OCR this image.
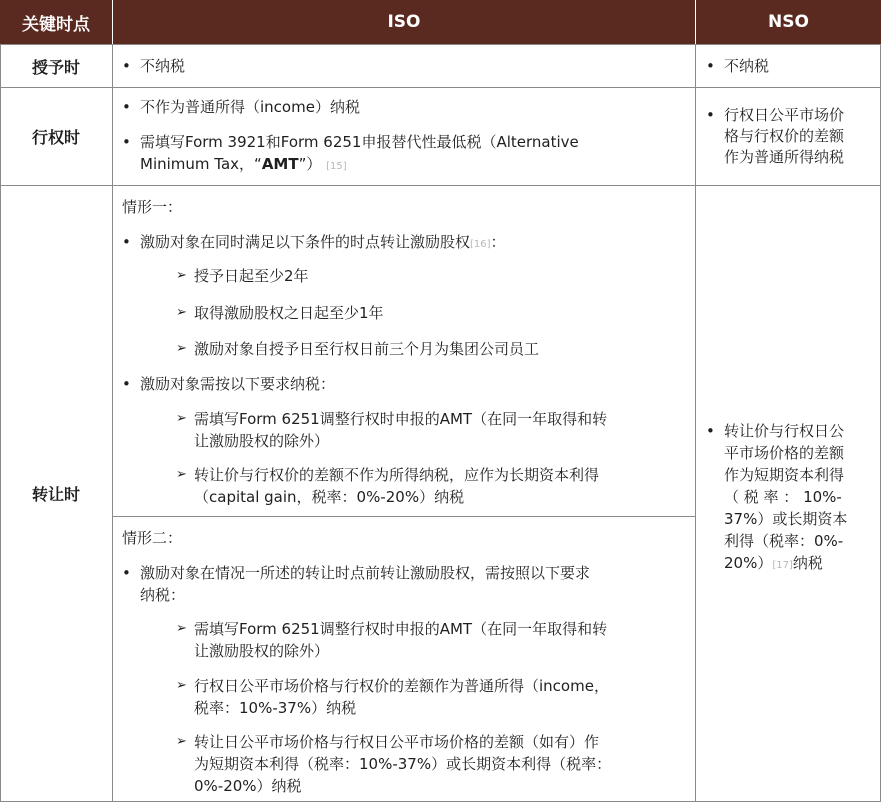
关键时点	ISO	NSO
授予时
行权时
转让时
• 不纳税
•	不纳税
• 不作为普通所得（income）纳税
• 需填写Form 3921和Form 6251申报替代性最低税（Alternative
Minimum Tax，“AMT”） [15]
• 行权日公平市场价
格与行权价的差额
作为普通所得纳税
情形一：
• 激励对象在同时满足以下条件的时点转让激励股权[16]：
➢ 授予日起至少2年
➢ 取得激励股权之日起至少1年
➢ 激励对象自授予日至行权日前三个月为集团公司员工
• 激励对象需按以下要求纳税：
➢ 需填写Form 6251调整行权时申报的AMT（在同一年取得和转
让激励股权的除外）
➢ 转让价与行权价的差额不作为所得纳税，应作为长期资本利得
（capital gain，税率：0%-20%）纳税
情形二：
• 激励对象在情况一所述的转让时点前转让激励股权，需按照以下要求
纳税：
➢ 需填写Form 6251调整行权时申报的AMT（在同一年取得和转
让激励股权的除外）
➢ 行权日公平市场价格与行权价的差额作为普通所得（income，
税率：10%-37%）纳税
➢ 转让日公平市场价格与行权日公平市场价格的差额（如有）作
为短期资本利得（税率：10%-37%）或长期资本利得（税率：
0%-20%）纳税
• 转让价与行权日公
平市场价格的差额
作为短期资本利得
（ 税 率 ： 10%-
37%）或长期资本
利得（税率：0%-
20%）[17]纳税
